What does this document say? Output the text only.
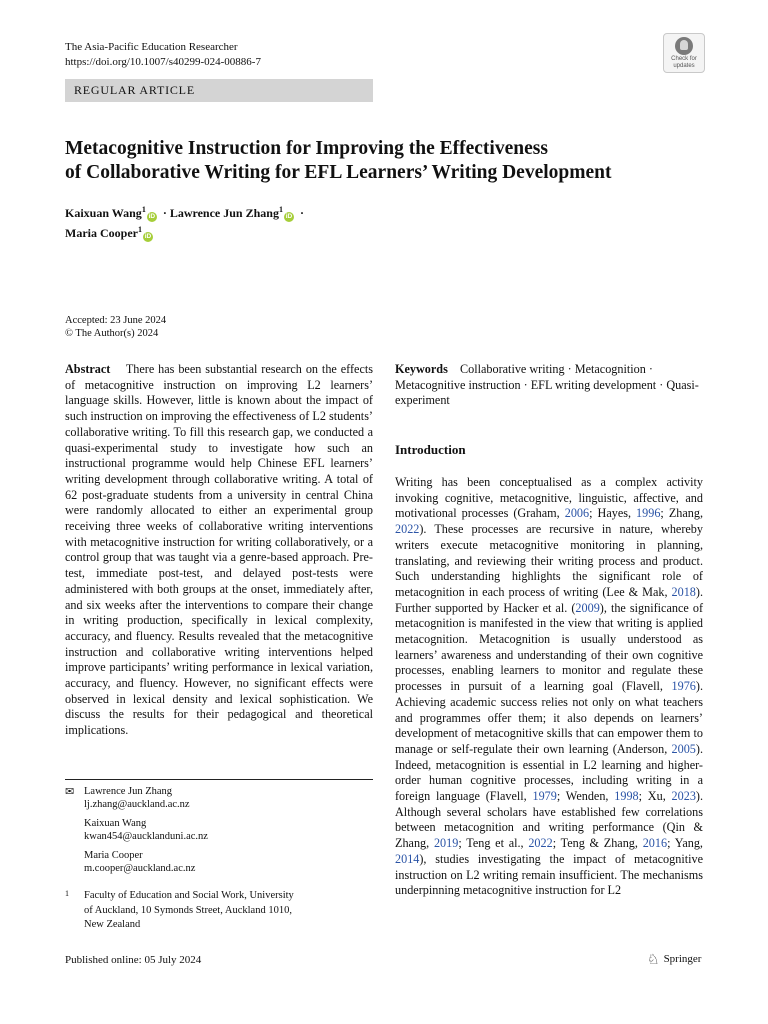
The Asia-Pacific Education Researcher
https://doi.org/10.1007/s40299-024-00886-7	Check for updates
REGULAR ARTICLE
Metacognitive Instruction for Improving the Effectiveness
of Collaborative Writing for EFL Learners’ Writing Development
Kaixuan Wang$^1$iD · Lawrence Jun Zhang$^1$iD ·
Maria Cooper$^1$iD
Accepted: 23 June 2024
© The Author(s) 2024
Abstract There has been substantial research on the effects of metacognitive instruction on improving L2 learners’ language skills. However, little is known about the impact of such instruction on improving the effectiveness of L2 students’ collaborative writing. To fill this research gap, we conducted a quasi-experimental study to investigate how such an instructional programme would help Chinese EFL learners’ writing development through collaborative writing. A total of 62 post-graduate students from a university in central China were randomly allocated to either an experimental group receiving three weeks of collaborative writing interventions with metacognitive instruction for writing collaboratively, or a control group that was taught via a genre-based approach. Pre-test, immediate post-test, and delayed post-tests were administered with both groups at the onset, immediately after, and six weeks after the interventions to compare their change in writing production, specifically in lexical complexity, accuracy, and fluency. Results revealed that the metacognitive instruction and collaborative writing interventions helped improve participants’ writing performance in lexical variation, accuracy, and fluency. However, no significant effects were observed in lexical density and lexical sophistication. We discuss the results for their pedagogical and theoretical implications.
Keywords Collaborative writing · Metacognition · Metacognitive instruction · EFL writing development · Quasi-experiment
Introduction
Writing has been conceptualised as a complex activity invoking cognitive, metacognitive, linguistic, affective, and motivational processes (Graham, 2006; Hayes, 1996; Zhang, 2022). These processes are recursive in nature, whereby writers execute metacognitive monitoring in planning, translating, and reviewing their writing process and product. Such understanding highlights the significant role of metacognition in each process of writing (Lee & Mak, 2018). Further supported by Hacker et al. (2009), the significance of metacognition is manifested in the view that writing is applied metacognition. Metacognition is usually understood as learners’ awareness and understanding of their own cognitive processes, enabling learners to monitor and regulate these processes in pursuit of a learning goal (Flavell, 1976). Achieving academic success relies not only on what teachers and programmes offer them; it also depends on learners’ development of metacognitive skills that can empower them to manage or self-regulate their own learning (Anderson, 2005). Indeed, metacognition is essential in L2 learning and higher-order human cognitive processes, including writing in a foreign language (Flavell, 1979; Wenden, 1998; Xu, 2023). Although several scholars have established few correlations between metacognition and writing performance (Qin & Zhang, 2019; Teng et al., 2022; Teng & Zhang, 2016; Yang, 2014), studies investigating the impact of metacognitive instruction on L2 writing remain insufficient. The mechanisms underpinning metacognitive instruction for L2
✉ Lawrence Jun Zhang
lj.zhang@auckland.ac.nz
Kaixuan Wang
kwan454@aucklanduni.ac.nz
Maria Cooper
m.cooper@auckland.ac.nz
1 Faculty of Education and Social Work, University
of Auckland, 10 Symonds Street, Auckland 1010,
New Zealand
Published online: 05 July 2024	♘ Springer
